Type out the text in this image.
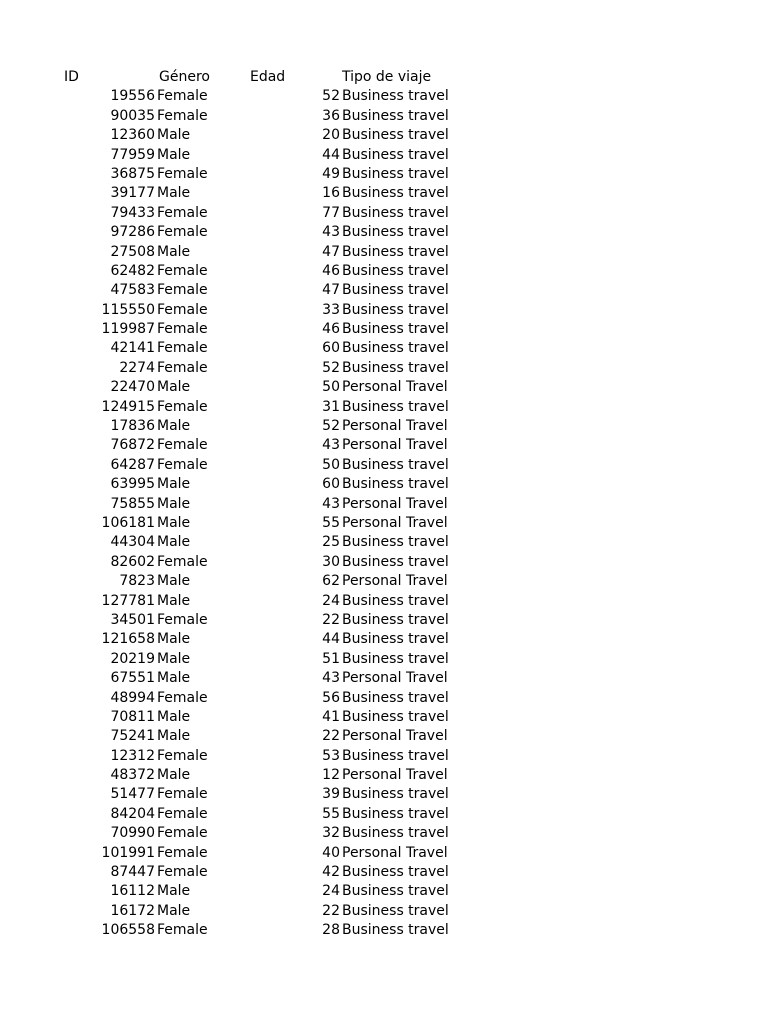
ID	Género	Edad	Tipo de viaje
19556 Female	52 Business travel
90035 Female	36 Business travel
12360 Male	20 Business travel
77959 Male	44 Business travel
36875 Female	49 Business travel
39177 Male	16 Business travel
79433 Female	77 Business travel
97286 Female	43 Business travel
27508 Male	47 Business travel
62482 Female	46 Business travel
47583 Female	47 Business travel
115550 Female	33 Business travel
119987 Female	46 Business travel
42141 Female	60 Business travel
2274 Female	52 Business travel
22470 Male	50 Personal Travel
124915 Female	31 Business travel
17836 Male	52 Personal Travel
76872 Female	43 Personal Travel
64287 Female	50 Business travel
63995 Male	60 Business travel
75855 Male	43 Personal Travel
106181 Male	55 Personal Travel
44304 Male	25 Business travel
82602 Female	30 Business travel
7823 Male	62 Personal Travel
127781 Male	24 Business travel
34501 Female	22 Business travel
121658 Male	44 Business travel
20219 Male	51 Business travel
67551 Male	43 Personal Travel
48994 Female	56 Business travel
70811 Male	41 Business travel
75241 Male	22 Personal Travel
12312 Female	53 Business travel
48372 Male	12 Personal Travel
51477 Female	39 Business travel
84204 Female	55 Business travel
70990 Female	32 Business travel
101991 Female	40 Personal Travel
87447 Female	42 Business travel
16112 Male	24 Business travel
16172 Male	22 Business travel
106558 Female	28 Business travel
